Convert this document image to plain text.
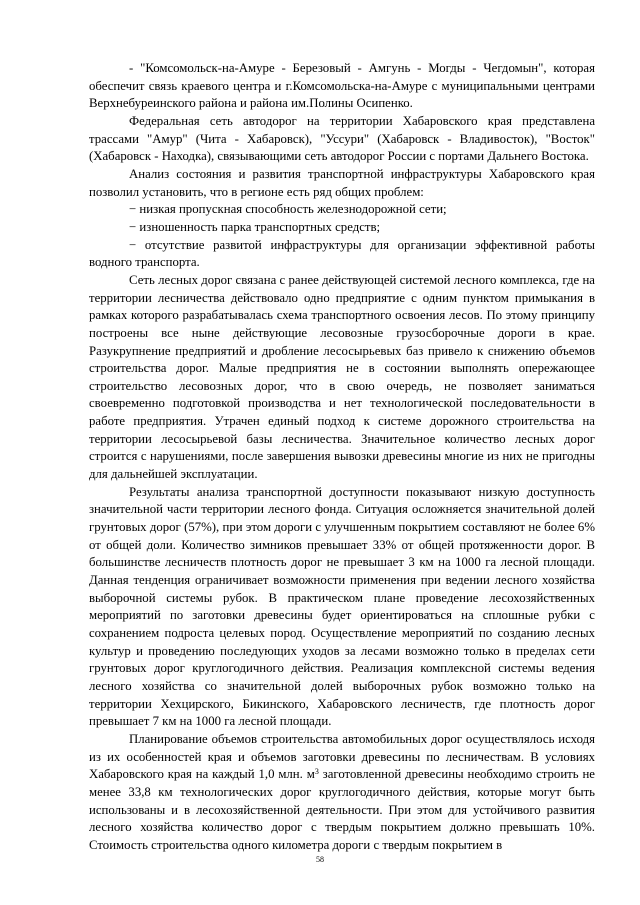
- "Комсомольск-на-Амуре - Березовый - Амгунь - Могды - Чегдомын", которая обеспечит связь краевого центра и г.Комсомольска-на-Амуре с муниципальными центрами Верхнебуреинского района и района им.Полины Осипенко.

Федеральная сеть автодорог на территории Хабаровского края представлена трассами "Амур" (Чита - Хабаровск), "Уссури" (Хабаровск - Владивосток), "Восток" (Хабаровск - Находка), связывающими сеть автодорог России с портами Дальнего Востока.

Анализ состояния и развития транспортной инфраструктуры Хабаровского края позволил установить, что в регионе есть ряд общих проблем:

− низкая пропускная способность железнодорожной сети;

− изношенность парка транспортных средств;

− отсутствие развитой инфраструктуры для организации эффективной работы водного транспорта.

Сеть лесных дорог связана с ранее действующей системой лесного комплекса, где на территории лесничества действовало одно предприятие с одним пунктом примыкания в рамках которого разрабатывалась схема транспортного освоения лесов. По этому принципу построены все ныне действующие лесовозные грузосборочные дороги в крае. Разукрупнение предприятий и дробление лесосырьевых баз привело к снижению объемов строительства дорог. Малые предприятия не в состоянии выполнять опережающее строительство лесовозных дорог, что в свою очередь, не позволяет заниматься своевременно подготовкой производства и нет технологической последовательности в работе предприятия. Утрачен единый подход к системе дорожного строительства на территории лесосырьевой базы лесничества. Значительное количество лесных дорог строится с нарушениями, после завершения вывозки древесины многие из них не пригодны для дальнейшей эксплуатации.

Результаты анализа транспортной доступности показывают низкую доступность значительной части территории лесного фонда. Ситуация осложняется значительной долей грунтовых дорог (57%), при этом дороги с улучшенным покрытием составляют не более 6% от общей доли. Количество зимников превышает 33% от общей протяженности дорог. В большинстве лесничеств плотность дорог не превышает 3 км на 1000 га лесной площади. Данная тенденция ограничивает возможности применения при ведении лесного хозяйства выборочной системы рубок. В практическом плане проведение лесохозяйственных мероприятий по заготовки древесины будет ориентироваться на сплошные рубки с сохранением подроста целевых пород. Осуществление мероприятий по созданию лесных культур и проведению последующих уходов за лесами возможно только в пределах сети грунтовых дорог круглогодичного действия. Реализация комплексной системы ведения лесного хозяйства со значительной долей выборочных рубок возможно только на территории Хехцирского, Бикинского, Хабаровского лесничеств, где плотность дорог превышает 7 км на 1000 га лесной площади.

Планирование объемов строительства автомобильных дорог осуществлялось исходя из их особенностей края и объемов заготовки древесины по лесничествам. В условиях Хабаровского края на каждый 1,0 млн. $м^3$ заготовленной древесины необходимо строить не менее 33,8 км технологических дорог круглогодичного действия, которые могут быть использованы и в лесохозяйственной деятельности. При этом для устойчивого развития лесного хозяйства количество дорог с твердым покрытием должно превышать 10%. Стоимость строительства одного километра дороги с твердым покрытием в

58
